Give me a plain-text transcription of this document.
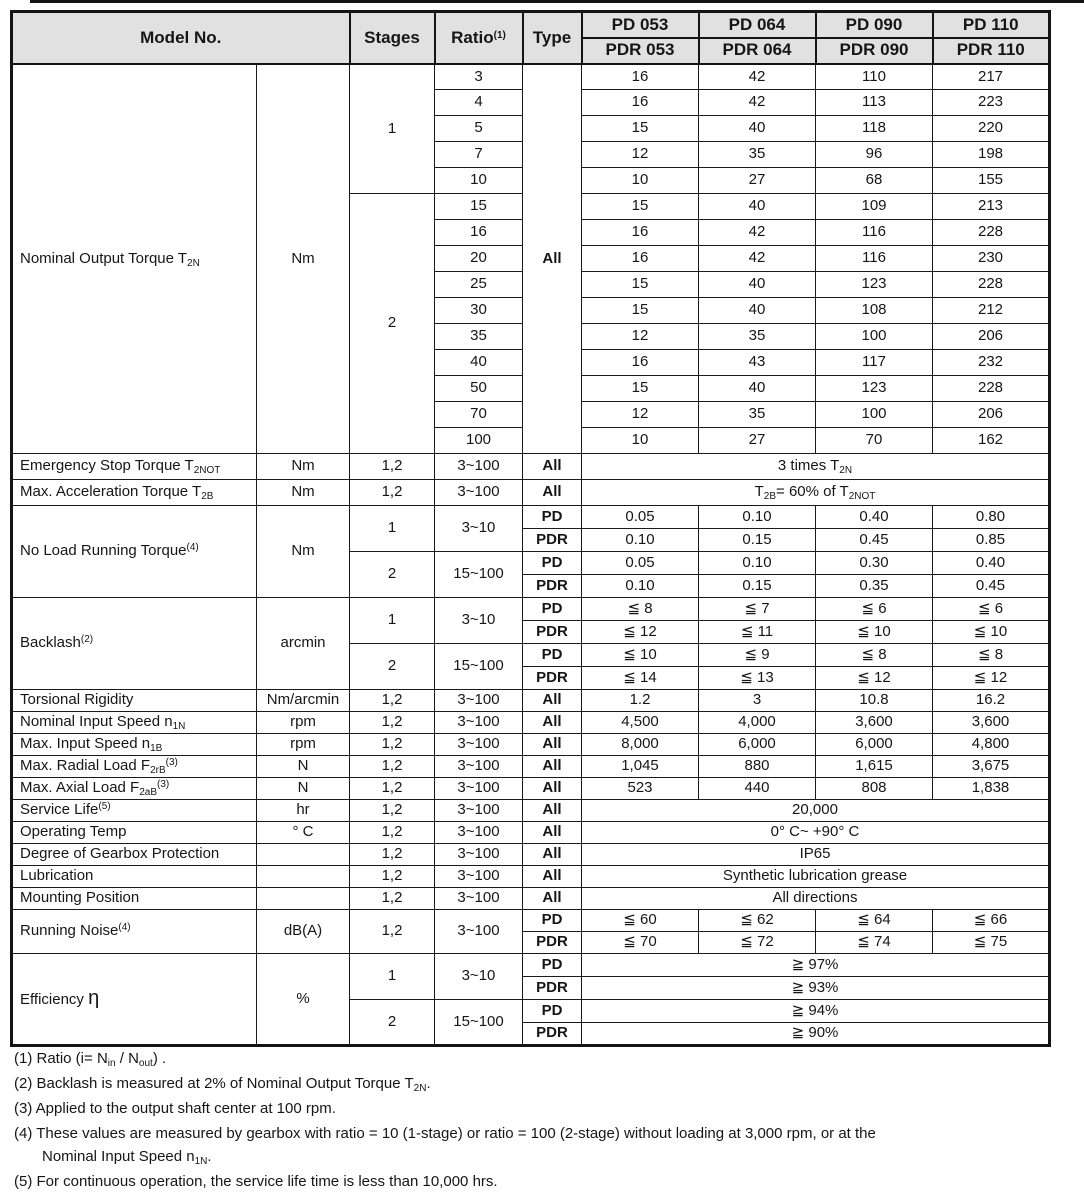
Model No.		Stages	Ratio$^{(1)}$	Type	PD 053	PD 064	PD 090	PD 110
					PDR 053	PDR 064	PDR 090	PDR 110
Nominal Output Torque $T_{2N}$	Nm	1	3	All	16	42	110	217
			4		16	42	113	223
			5		15	40	118	220
			7		12	35	96	198
			10		10	27	68	155
		2	15		15	40	109	213
			16		16	42	116	228
			20		16	42	116	230
			25		15	40	123	228
			30		15	40	108	212
			35		12	35	100	206
			40		16	43	117	232
			50		15	40	123	228
			70		12	35	100	206
			100		10	27	70	162
Emergency Stop Torque $T_{2NOT}$	Nm	1,2	3~100	All	3 times $T_{2N}$
Max. Acceleration Torque $T_{2B}$	Nm	1,2	3~100	All	$T_{2B}= 60\%$ of $T_{2NOT}$
No Load Running Torque$^{(4)}$	Nm	1	3~10	PD	0.05	0.10	0.40	0.80
				PDR	0.10	0.15	0.45	0.85
		2	15~100	PD	0.05	0.10	0.30	0.40
				PDR	0.10	0.15	0.35	0.45
Backlash$^{(2)}$	arcmin	1	3~10	PD	≦ 8	≦ 7	≦ 6	≦ 6
				PDR	≦ 12	≦ 11	≦ 10	≦ 10
		2	15~100	PD	≦ 10	≦ 9	≦ 8	≦ 8
				PDR	≦ 14	≦ 13	≦ 12	≦ 12
Torsional Rigidity	Nm/arcmin	1,2	3~100	All	1.2	3	10.8	16.2
Nominal Input Speed $n_{1N}$	rpm	1,2	3~100	All	4,500	4,000	3,600	3,600
Max. Input Speed $n_{1B}$	rpm	1,2	3~100	All	8,000	6,000	6,000	4,800
Max. Radial Load $F_{2rB}^{(3)}$	N	1,2	3~100	All	1,045	880	1,615	3,675
Max. Axial Load $F_{2aB}^{(3)}$	N	1,2	3~100	All	523	440	808	1,838
Service Life$^{(5)}$	hr	1,2	3~100	All	20,000			
Operating Temp	° C	1,2	3~100	All	0° C~ +90° C			
Degree of Gearbox Protection		1,2	3~100	All	IP65			
Lubrication		1,2	3~100	All	Synthetic lubrication grease			
Mounting Position		1,2	3~100	All	All directions			
Running Noise$^{(4)}$	dB(A)	1,2	3~100	PD	≦ 60	≦ 62	≦ 64	≦ 66
				PDR	≦ 70	≦ 72	≦ 74	≦ 75
Efficiency η	%	1	3~10	PD	≧ 97%			
				PDR	≧ 93%			
		2	15~100	PD	≧ 94%			
				PDR	≧ 90%			
(1) Ratio $(i= N_{in} / N_{out})$ .
(2) Backlash is measured at 2% of Nominal Output Torque $T_{2N}$.
(3) Applied to the output shaft center at 100 rpm.
(4) These values are measured by gearbox with ratio = 10 (1-stage) or ratio = 100 (2-stage) without loading at 3,000 rpm, or at the
Nominal Input Speed $n_{1N}$.
(5) For continuous operation, the service life time is less than 10,000 hrs.
